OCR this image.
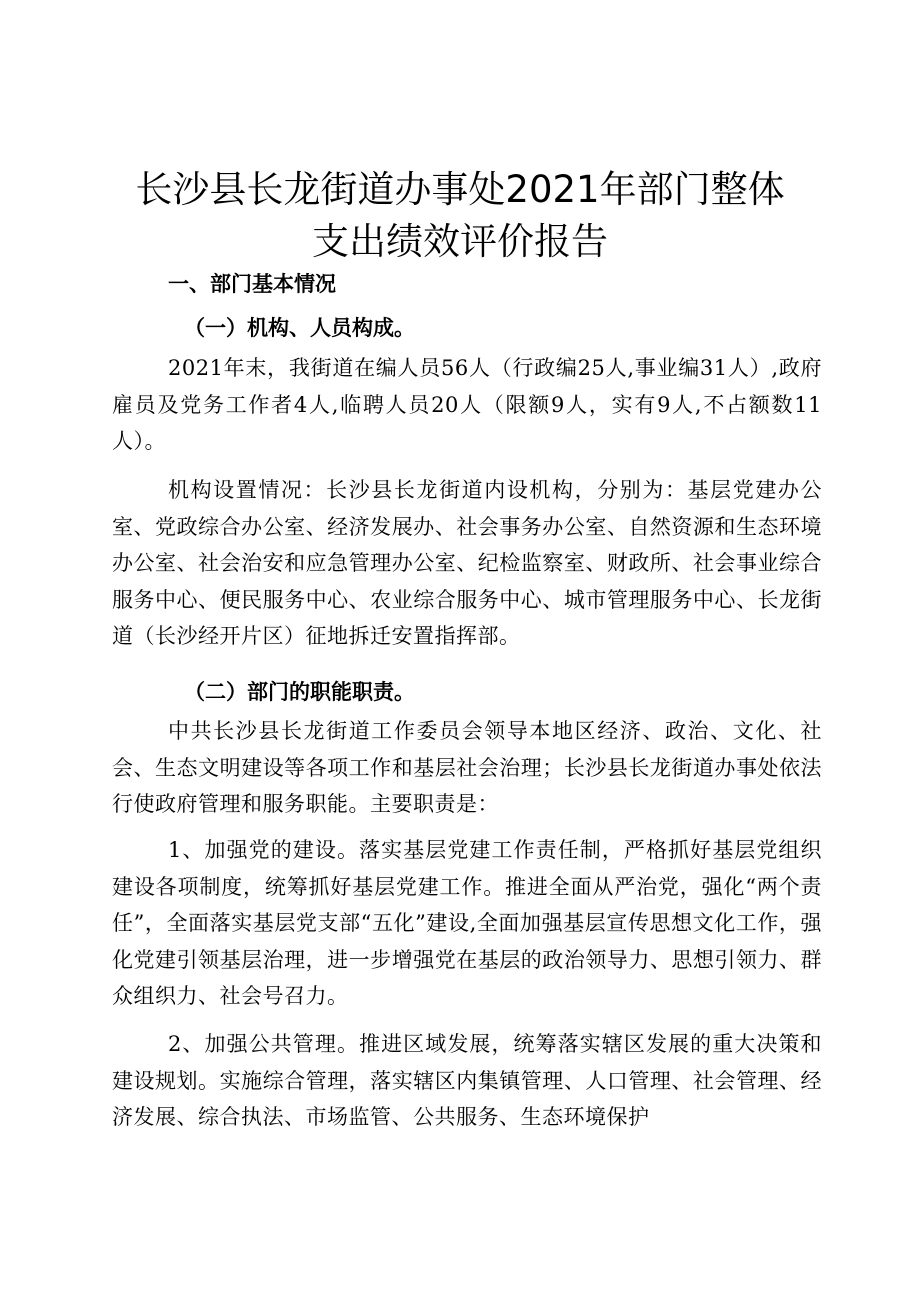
长沙县长龙街道办事处2021年部门整体
支出绩效评价报告
一、部门基本情况
（一）机构、人员构成。
2021年末，我街道在编人员56人（行政编25人,事业编31人）,政府雇员及党务工作者4人,临聘人员20人（限额9人，实有9人,不占额数11人）。
机构设置情况：长沙县长龙街道内设机构，分别为：基层党建办公室、党政综合办公室、经济发展办、社会事务办公室、自然资源和生态环境办公室、社会治安和应急管理办公室、纪检监察室、财政所、社会事业综合服务中心、便民服务中心、农业综合服务中心、城市管理服务中心、长龙街道（长沙经开片区）征地拆迁安置指挥部。
（二）部门的职能职责。
中共长沙县长龙街道工作委员会领导本地区经济、政治、文化、社会、生态文明建设等各项工作和基层社会治理；长沙县长龙街道办事处依法行使政府管理和服务职能。主要职责是：
1、加强党的建设。落实基层党建工作责任制，严格抓好基层党组织建设各项制度，统筹抓好基层党建工作。推进全面从严治党，强化“两个责任”，全面落实基层党支部“五化”建设,全面加强基层宣传思想文化工作，强化党建引领基层治理，进一步增强党在基层的政治领导力、思想引领力、群众组织力、社会号召力。
2、加强公共管理。推进区域发展，统筹落实辖区发展的重大决策和建设规划。实施综合管理，落实辖区内集镇管理、人口管理、社会管理、经济发展、综合执法、市场监管、公共服务、生态环境保护
